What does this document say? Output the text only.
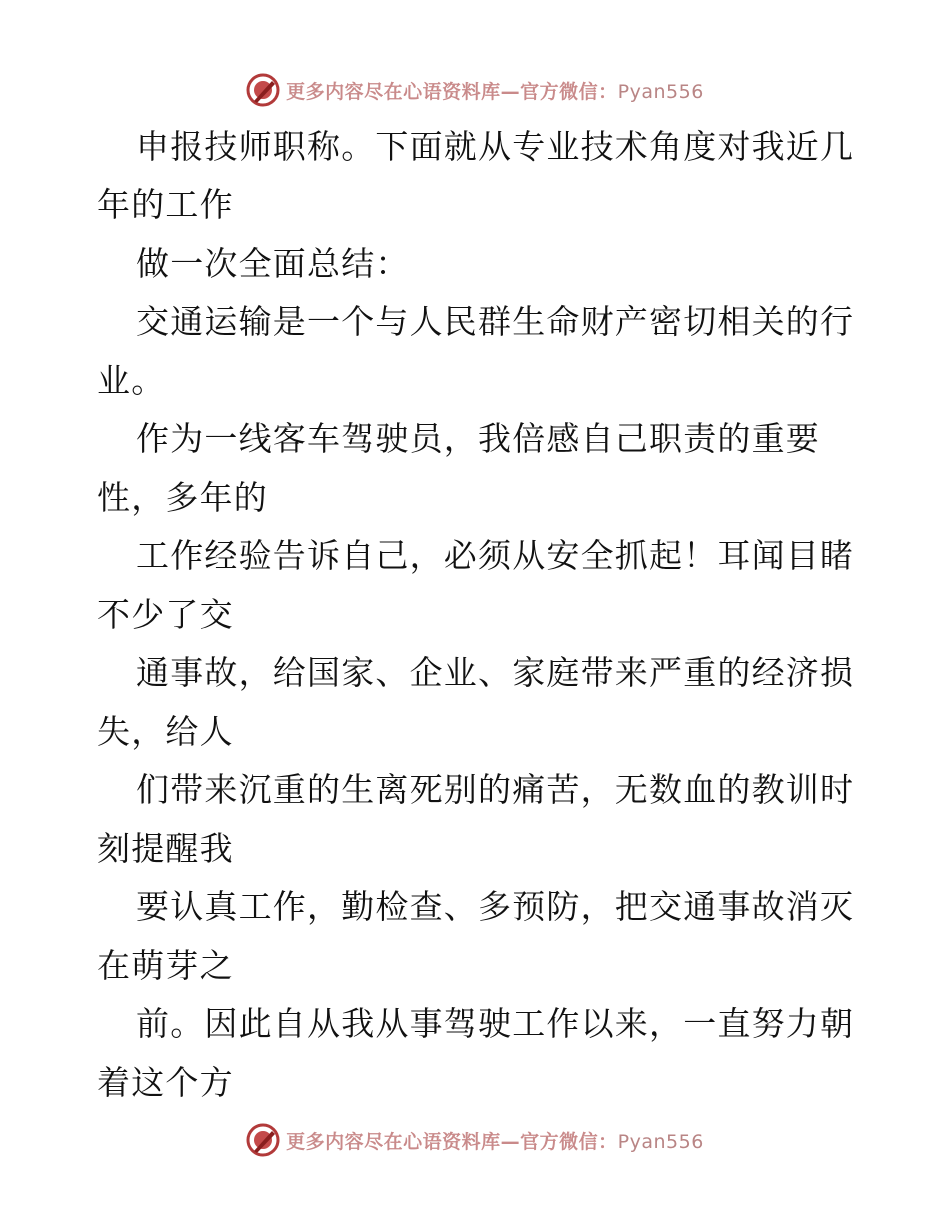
更多内容尽在心语资料库—官方微信：Pyan556
申报技师职称。下面就从专业技术角度对我近几
年的工作
做一次全面总结：
交通运输是一个与人民群生命财产密切相关的行
业。
作为一线客车驾驶员，我倍感自己职责的重要
性，多年的
工作经验告诉自己，必须从安全抓起！耳闻目睹
不少了交
通事故，给国家、企业、家庭带来严重的经济损
失，给人
们带来沉重的生离死别的痛苦，无数血的教训时
刻提醒我
要认真工作，勤检查、多预防，把交通事故消灭
在萌芽之
前。因此自从我从事驾驶工作以来，一直努力朝
着这个方
更多内容尽在心语资料库—官方微信：Pyan556
